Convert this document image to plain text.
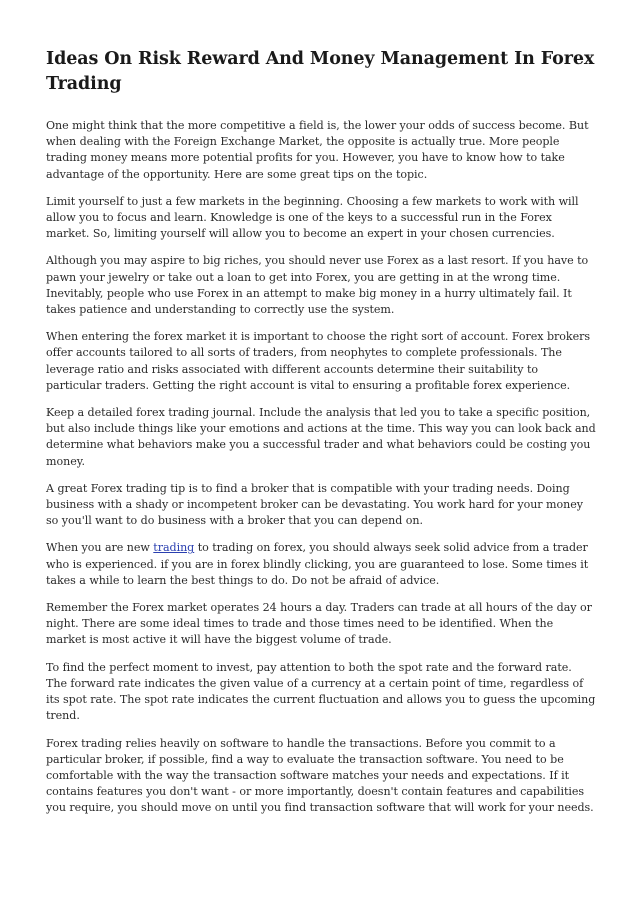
Ideas On Risk Reward And Money Management In Forex Trading

One might think that the more competitive a field is, the lower your odds of success become. But when dealing with the Foreign Exchange Market, the opposite is actually true. More people trading money means more potential profits for you. However, you have to know how to take advantage of the opportunity. Here are some great tips on the topic.

Limit yourself to just a few markets in the beginning. Choosing a few markets to work with will allow you to focus and learn. Knowledge is one of the keys to a successful run in the Forex market. So, limiting yourself will allow you to become an expert in your chosen currencies.

Although you may aspire to big riches, you should never use Forex as a last resort. If you have to pawn your jewelry or take out a loan to get into Forex, you are getting in at the wrong time. Inevitably, people who use Forex in an attempt to make big money in a hurry ultimately fail. It takes patience and understanding to correctly use the system.

When entering the forex market it is important to choose the right sort of account. Forex brokers offer accounts tailored to all sorts of traders, from neophytes to complete professionals. The leverage ratio and risks associated with different accounts determine their suitability to particular traders. Getting the right account is vital to ensuring a profitable forex experience.

Keep a detailed forex trading journal. Include the analysis that led you to take a specific position, but also include things like your emotions and actions at the time. This way you can look back and determine what behaviors make you a successful trader and what behaviors could be costing you money.

A great Forex trading tip is to find a broker that is compatible with your trading needs. Doing business with a shady or incompetent broker can be devastating. You work hard for your money so you'll want to do business with a broker that you can depend on.

When you are new trading to trading on forex, you should always seek solid advice from a trader who is experienced. if you are in forex blindly clicking, you are guaranteed to lose. Some times it takes a while to learn the best things to do. Do not be afraid of advice.

Remember the Forex market operates 24 hours a day. Traders can trade at all hours of the day or night. There are some ideal times to trade and those times need to be identified. When the market is most active it will have the biggest volume of trade.

To find the perfect moment to invest, pay attention to both the spot rate and the forward rate. The forward rate indicates the given value of a currency at a certain point of time, regardless of its spot rate. The spot rate indicates the current fluctuation and allows you to guess the upcoming trend.

Forex trading relies heavily on software to handle the transactions. Before you commit to a particular broker, if possible, find a way to evaluate the transaction software. You need to be comfortable with the way the transaction software matches your needs and expectations. If it contains features you don't want - or more importantly, doesn't contain features and capabilities you require, you should move on until you find transaction software that will work for your needs.
